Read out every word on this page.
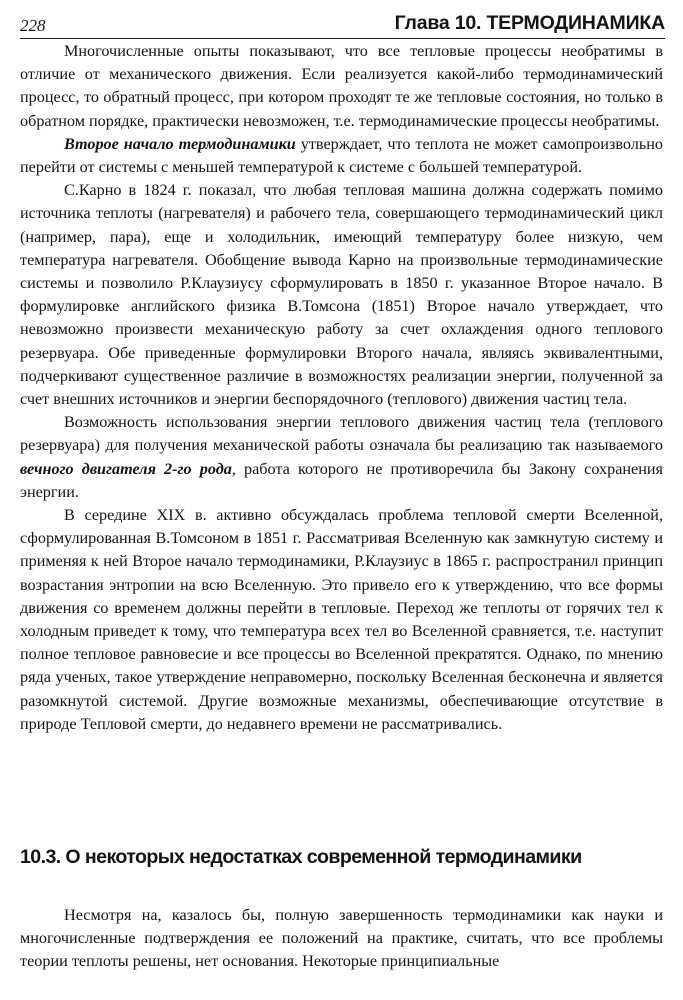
228	Глава 10. ТЕРМОДИНАМИКА

Многочисленные опыты показывают, что все тепловые процессы необратимы в отличие от механического движения. Если реализуется какой-либо термодинамический процесс, то обратный процесс, при котором проходят те же тепловые состояния, но только в обратном порядке, практически невозможен, т.е. термодинамические процессы необратимы.

Второе начало термодинамики утверждает, что теплота не может самопроизвольно перейти от системы с меньшей температурой к системе с большей температурой.

С.Карно в 1824 г. показал, что любая тепловая машина должна содержать помимо источника теплоты (нагревателя) и рабочего тела, совершающего термодинамический цикл (например, пара), еще и холодильник, имеющий температуру более низкую, чем температура нагревателя. Обобщение вывода Карно на произвольные термодинамические системы и позволило Р.Клаузиусу сформулировать в 1850 г. указанное Второе начало. В формулировке английского физика В.Томсона (1851) Второе начало утверждает, что невозможно произвести механическую работу за счет охлаждения одного теплового резервуара. Обе приведенные формулировки Второго начала, являясь эквивалентными, подчеркивают существенное различие в возможностях реализации энергии, полученной за счет внешних источников и энергии беспорядочного (теплового) движения частиц тела.

Возможность использования энергии теплового движения частиц тела (теплового резервуара) для получения механической работы означала бы реализацию так называемого вечного двигателя 2-го рода, работа которого не противоречила бы Закону сохранения энергии.

В середине XIX в. активно обсуждалась проблема тепловой смерти Вселенной, сформулированная В.Томсоном в 1851 г. Рассматривая Вселенную как замкнутую систему и применяя к ней Второе начало термодинамики, Р.Клаузиус в 1865 г. распространил принцип возрастания энтропии на всю Вселенную. Это привело его к утверждению, что все формы движения со временем должны перейти в тепловые. Переход же теплоты от горячих тел к холодным приведет к тому, что температура всех тел во Вселенной сравняется, т.е. наступит полное тепловое равновесие и все процессы во Вселенной прекратятся. Однако, по мнению ряда ученых, такое утверждение неправомерно, поскольку Вселенная бесконечна и является разомкнутой системой. Другие возможные механизмы, обеспечивающие отсутствие в природе Тепловой смерти, до недавнего времени не рассматривались.

10.3. О некоторых недостатках современной термодинамики

Несмотря на, казалось бы, полную завершенность термодинамики как науки и многочисленные подтверждения ее положений на практике, считать, что все проблемы теории теплоты решены, нет основания. Некоторые принципиальные
